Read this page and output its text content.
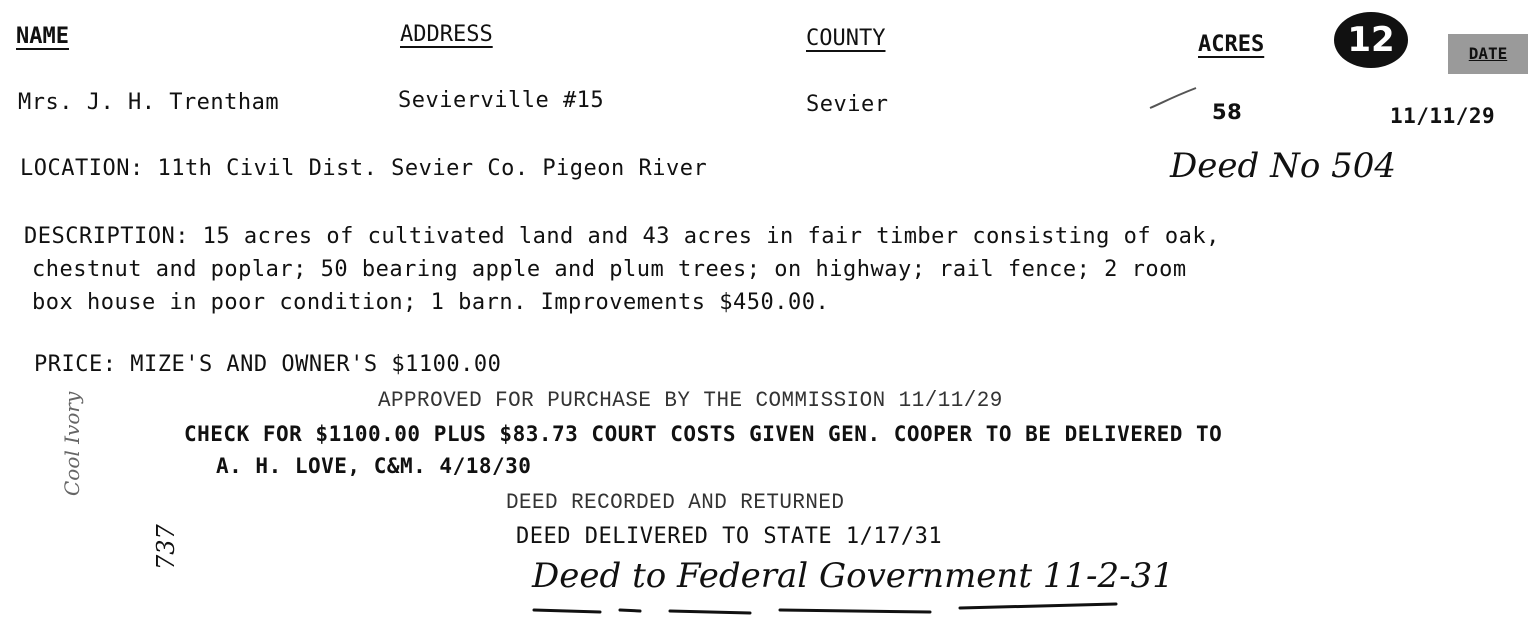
NAME	ADDRESS	COUNTY	ACRES	12	DATE
Mrs. J. H. Trentham	Sevierville #15	Sevier	58	11/11/29
LOCATION: 11th Civil Dist. Sevier Co. Pigeon River	Deed No 504
DESCRIPTION: 15 acres of cultivated land and 43 acres in fair timber consisting of oak,
chestnut and poplar; 50 bearing apple and plum trees; on highway; rail fence; 2 room
box house in poor condition; 1 barn. Improvements $450.00.
PRICE: MIZE'S AND OWNER'S $1100.00
APPROVED FOR PURCHASE BY THE COMMISSION 11/11/29
CHECK FOR $1100.00 PLUS $83.73 COURT COSTS GIVEN GEN. COOPER TO BE DELIVERED TO
A. H. LOVE, C&M. 4/18/30
DEED RECORDED AND RETURNED
DEED DELIVERED TO STATE 1/17/31
Deed to Federal Government 11-2-31
Cool Ivory
737
